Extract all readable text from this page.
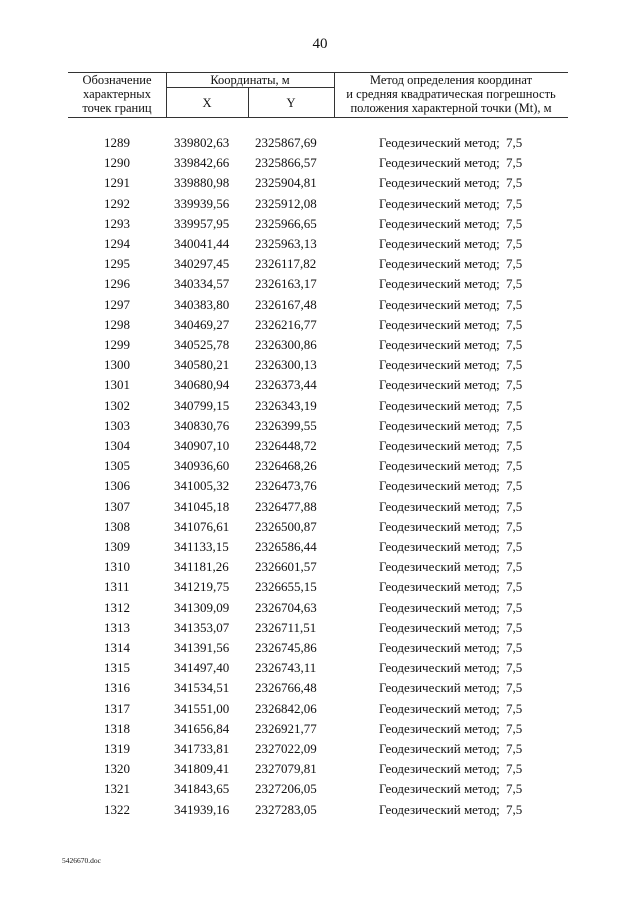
40
Обозначение
характерных
точек границ
Координаты, м
X	Y
Метод определения координат
и средняя квадратическая погрешность
положения характерной точки (Mt), м
1289	339802,63 2325867,69	Геодезический метод; 7,5
1290	339842,66 2325866,57	Геодезический метод; 7,5
1291	339880,98 2325904,81	Геодезический метод; 7,5
1292	339939,56 2325912,08	Геодезический метод; 7,5
1293	339957,95 2325966,65	Геодезический метод; 7,5
1294	340041,44 2325963,13	Геодезический метод; 7,5
1295	340297,45 2326117,82	Геодезический метод; 7,5
1296	340334,57 2326163,17	Геодезический метод; 7,5
1297	340383,80 2326167,48	Геодезический метод; 7,5
1298	340469,27 2326216,77	Геодезический метод; 7,5
1299	340525,78 2326300,86	Геодезический метод; 7,5
1300	340580,21 2326300,13	Геодезический метод; 7,5
1301	340680,94 2326373,44	Геодезический метод; 7,5
1302	340799,15 2326343,19	Геодезический метод; 7,5
1303	340830,76 2326399,55	Геодезический метод; 7,5
1304	340907,10 2326448,72	Геодезический метод; 7,5
1305	340936,60 2326468,26	Геодезический метод; 7,5
1306	341005,32 2326473,76	Геодезический метод; 7,5
1307	341045,18 2326477,88	Геодезический метод; 7,5
1308	341076,61 2326500,87	Геодезический метод; 7,5
1309	341133,15 2326586,44	Геодезический метод; 7,5
1310	341181,26 2326601,57	Геодезический метод; 7,5
1311	341219,75 2326655,15	Геодезический метод; 7,5
1312	341309,09 2326704,63	Геодезический метод; 7,5
1313	341353,07 2326711,51	Геодезический метод; 7,5
1314	341391,56 2326745,86	Геодезический метод; 7,5
1315	341497,40 2326743,11	Геодезический метод; 7,5
1316	341534,51 2326766,48	Геодезический метод; 7,5
1317	341551,00 2326842,06	Геодезический метод; 7,5
1318	341656,84 2326921,77	Геодезический метод; 7,5
1319	341733,81 2327022,09	Геодезический метод; 7,5
1320	341809,41 2327079,81	Геодезический метод; 7,5
1321	341843,65 2327206,05	Геодезический метод; 7,5
1322	341939,16 2327283,05	Геодезический метод; 7,5
5426670.doc
